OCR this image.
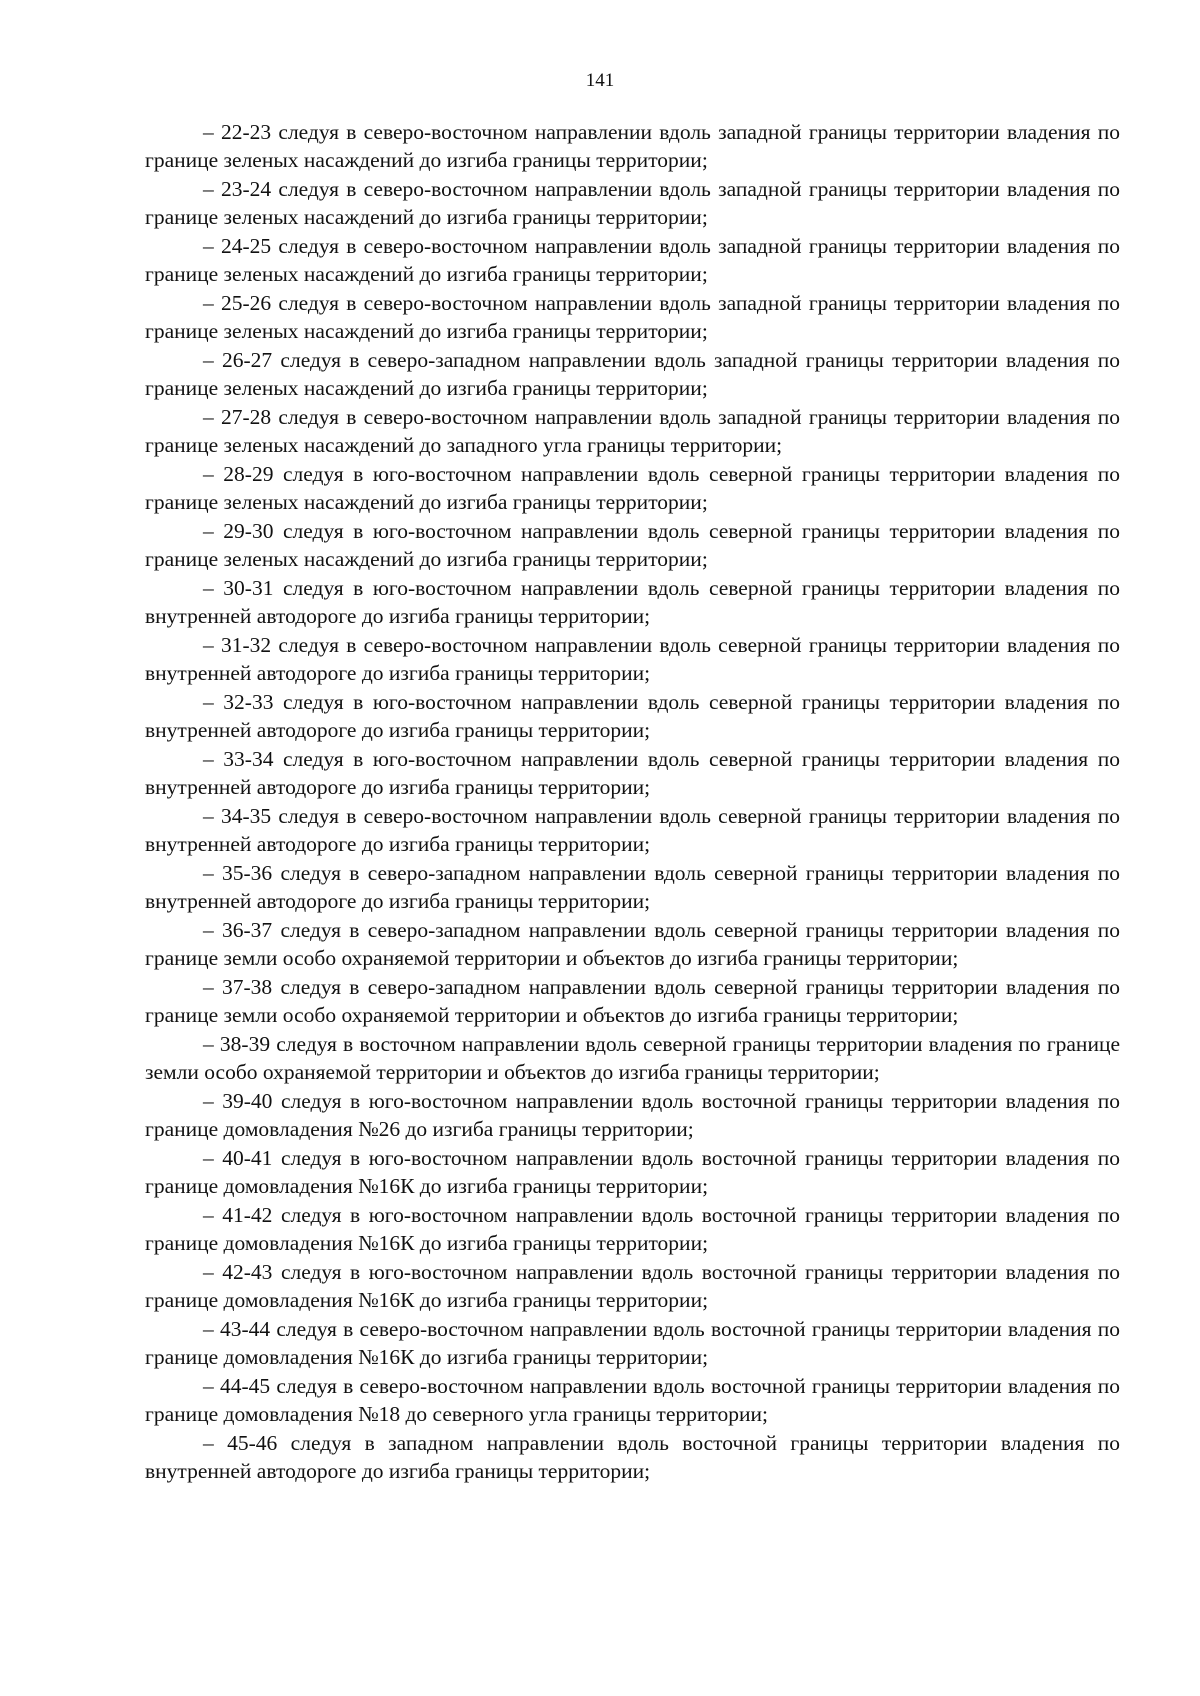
141

– 22-23 следуя в северо-восточном направлении вдоль западной границы территории владения по границе зеленых насаждений до изгиба границы территории;

– 23-24 следуя в северо-восточном направлении вдоль западной границы территории владения по границе зеленых насаждений до изгиба границы территории;

– 24-25 следуя в северо-восточном направлении вдоль западной границы территории владения по границе зеленых насаждений до изгиба границы территории;

– 25-26 следуя в северо-восточном направлении вдоль западной границы территории владения по границе зеленых насаждений до изгиба границы территории;

– 26-27 следуя в северо-западном направлении вдоль западной границы территории владения по границе зеленых насаждений до изгиба границы территории;

– 27-28 следуя в северо-восточном направлении вдоль западной границы территории владения по границе зеленых насаждений до западного угла границы территории;

– 28-29 следуя в юго-восточном направлении вдоль северной границы территории владения по границе зеленых насаждений до изгиба границы территории;

– 29-30 следуя в юго-восточном направлении вдоль северной границы территории владения по границе зеленых насаждений до изгиба границы территории;

– 30-31 следуя в юго-восточном направлении вдоль северной границы территории владения по внутренней автодороге до изгиба границы территории;

– 31-32 следуя в северо-восточном направлении вдоль северной границы территории владения по внутренней автодороге до изгиба границы территории;

– 32-33 следуя в юго-восточном направлении вдоль северной границы территории владения по внутренней автодороге до изгиба границы территории;

– 33-34 следуя в юго-восточном направлении вдоль северной границы территории владения по внутренней автодороге до изгиба границы территории;

– 34-35 следуя в северо-восточном направлении вдоль северной границы территории владения по внутренней автодороге до изгиба границы территории;

– 35-36 следуя в северо-западном направлении вдоль северной границы территории владения по внутренней автодороге до изгиба границы территории;

– 36-37 следуя в северо-западном направлении вдоль северной границы территории владения по границе земли особо охраняемой территории и объектов до изгиба границы территории;

– 37-38 следуя в северо-западном направлении вдоль северной границы территории владения по границе земли особо охраняемой территории и объектов до изгиба границы территории;

– 38-39 следуя в восточном направлении вдоль северной границы территории владения по границе земли особо охраняемой территории и объектов до изгиба границы территории;

– 39-40 следуя в юго-восточном направлении вдоль восточной границы территории владения по границе домовладения №26 до изгиба границы территории;

– 40-41 следуя в юго-восточном направлении вдоль восточной границы территории владения по границе домовладения №16К до изгиба границы территории;

– 41-42 следуя в юго-восточном направлении вдоль восточной границы территории владения по границе домовладения №16К до изгиба границы территории;

– 42-43 следуя в юго-восточном направлении вдоль восточной границы территории владения по границе домовладения №16К до изгиба границы территории;

– 43-44 следуя в северо-восточном направлении вдоль восточной границы территории владения по границе домовладения №16К до изгиба границы территории;

– 44-45 следуя в северо-восточном направлении вдоль восточной границы территории владения по границе домовладения №18 до северного угла границы территории;

– 45-46 следуя в западном направлении вдоль восточной границы территории владения по внутренней автодороге до изгиба границы территории;
